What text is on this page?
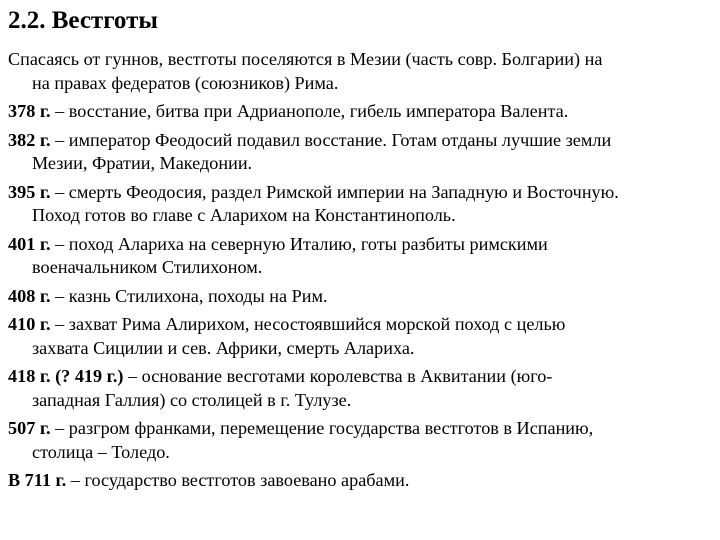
2.2. Вестготы
Спасаясь от гуннов, вестготы поселяются в Мезии (часть совр. Болгарии) на
на правах федератов (союзников) Рима.
378 г. – восстание, битва при Адрианополе, гибель императора Валента.
382 г. – император Феодосий подавил восстание. Готам отданы лучшие земли
Мезии, Фратии, Македонии.
395 г. – смерть Феодосия, раздел Римской империи на Западную и Восточную.
Поход готов во главе с Аларихом на Константинополь.
401 г. – поход Алариха на северную Италию, готы разбиты римскими
военачальником Стилихоном.
408 г. – казнь Стилихона, походы на Рим.
410 г. – захват Рима Алирихом, несостоявшийся морской поход с целью
захвата Сицилии и сев. Африки, смерть Алариха.
418 г. (? 419 г.) – основание весготами королевства в Аквитании (юго-
западная Галлия) со столицей в г. Тулузе.
507 г. – разгром франками, перемещение государства вестготов в Испанию,
столица – Толедо.
В 711 г. – государство вестготов завоевано арабами.
